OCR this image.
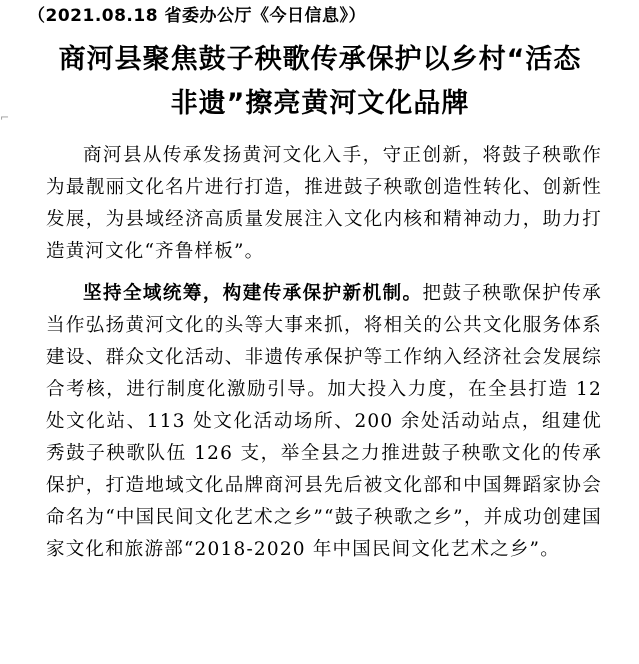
（2021.08.18 省委办公厅《今日信息》）
商河县聚焦鼓子秧歌传承保护以乡村“活态
非遗”擦亮黄河文化品牌
⌐

商河县从传承发扬黄河文化入手，守正创新，将鼓子秧歌作为最靓丽文化名片进行打造，推进鼓子秧歌创造性转化、创新性发展，为县域经济高质量发展注入文化内核和精神动力，助力打造黄河文化“齐鲁样板”。

坚持全域统筹，构建传承保护新机制。把鼓子秧歌保护传承当作弘扬黄河文化的头等大事来抓，将相关的公共文化服务体系建设、群众文化活动、非遗传承保护等工作纳入经济社会发展综合考核，进行制度化激励引导。加大投入力度，在全县打造 12 处文化站、113 处文化活动场所、200 余处活动站点，组建优秀鼓子秧歌队伍 126 支，举全县之力推进鼓子秧歌文化的传承保护，打造地域文化品牌商河县先后被文化部和中国舞蹈家协会命名为“中国民间文化艺术之乡”“鼓子秧歌之乡”，并成功创建国家文化和旅游部“2018-2020 年中国民间文化艺术之乡”。
